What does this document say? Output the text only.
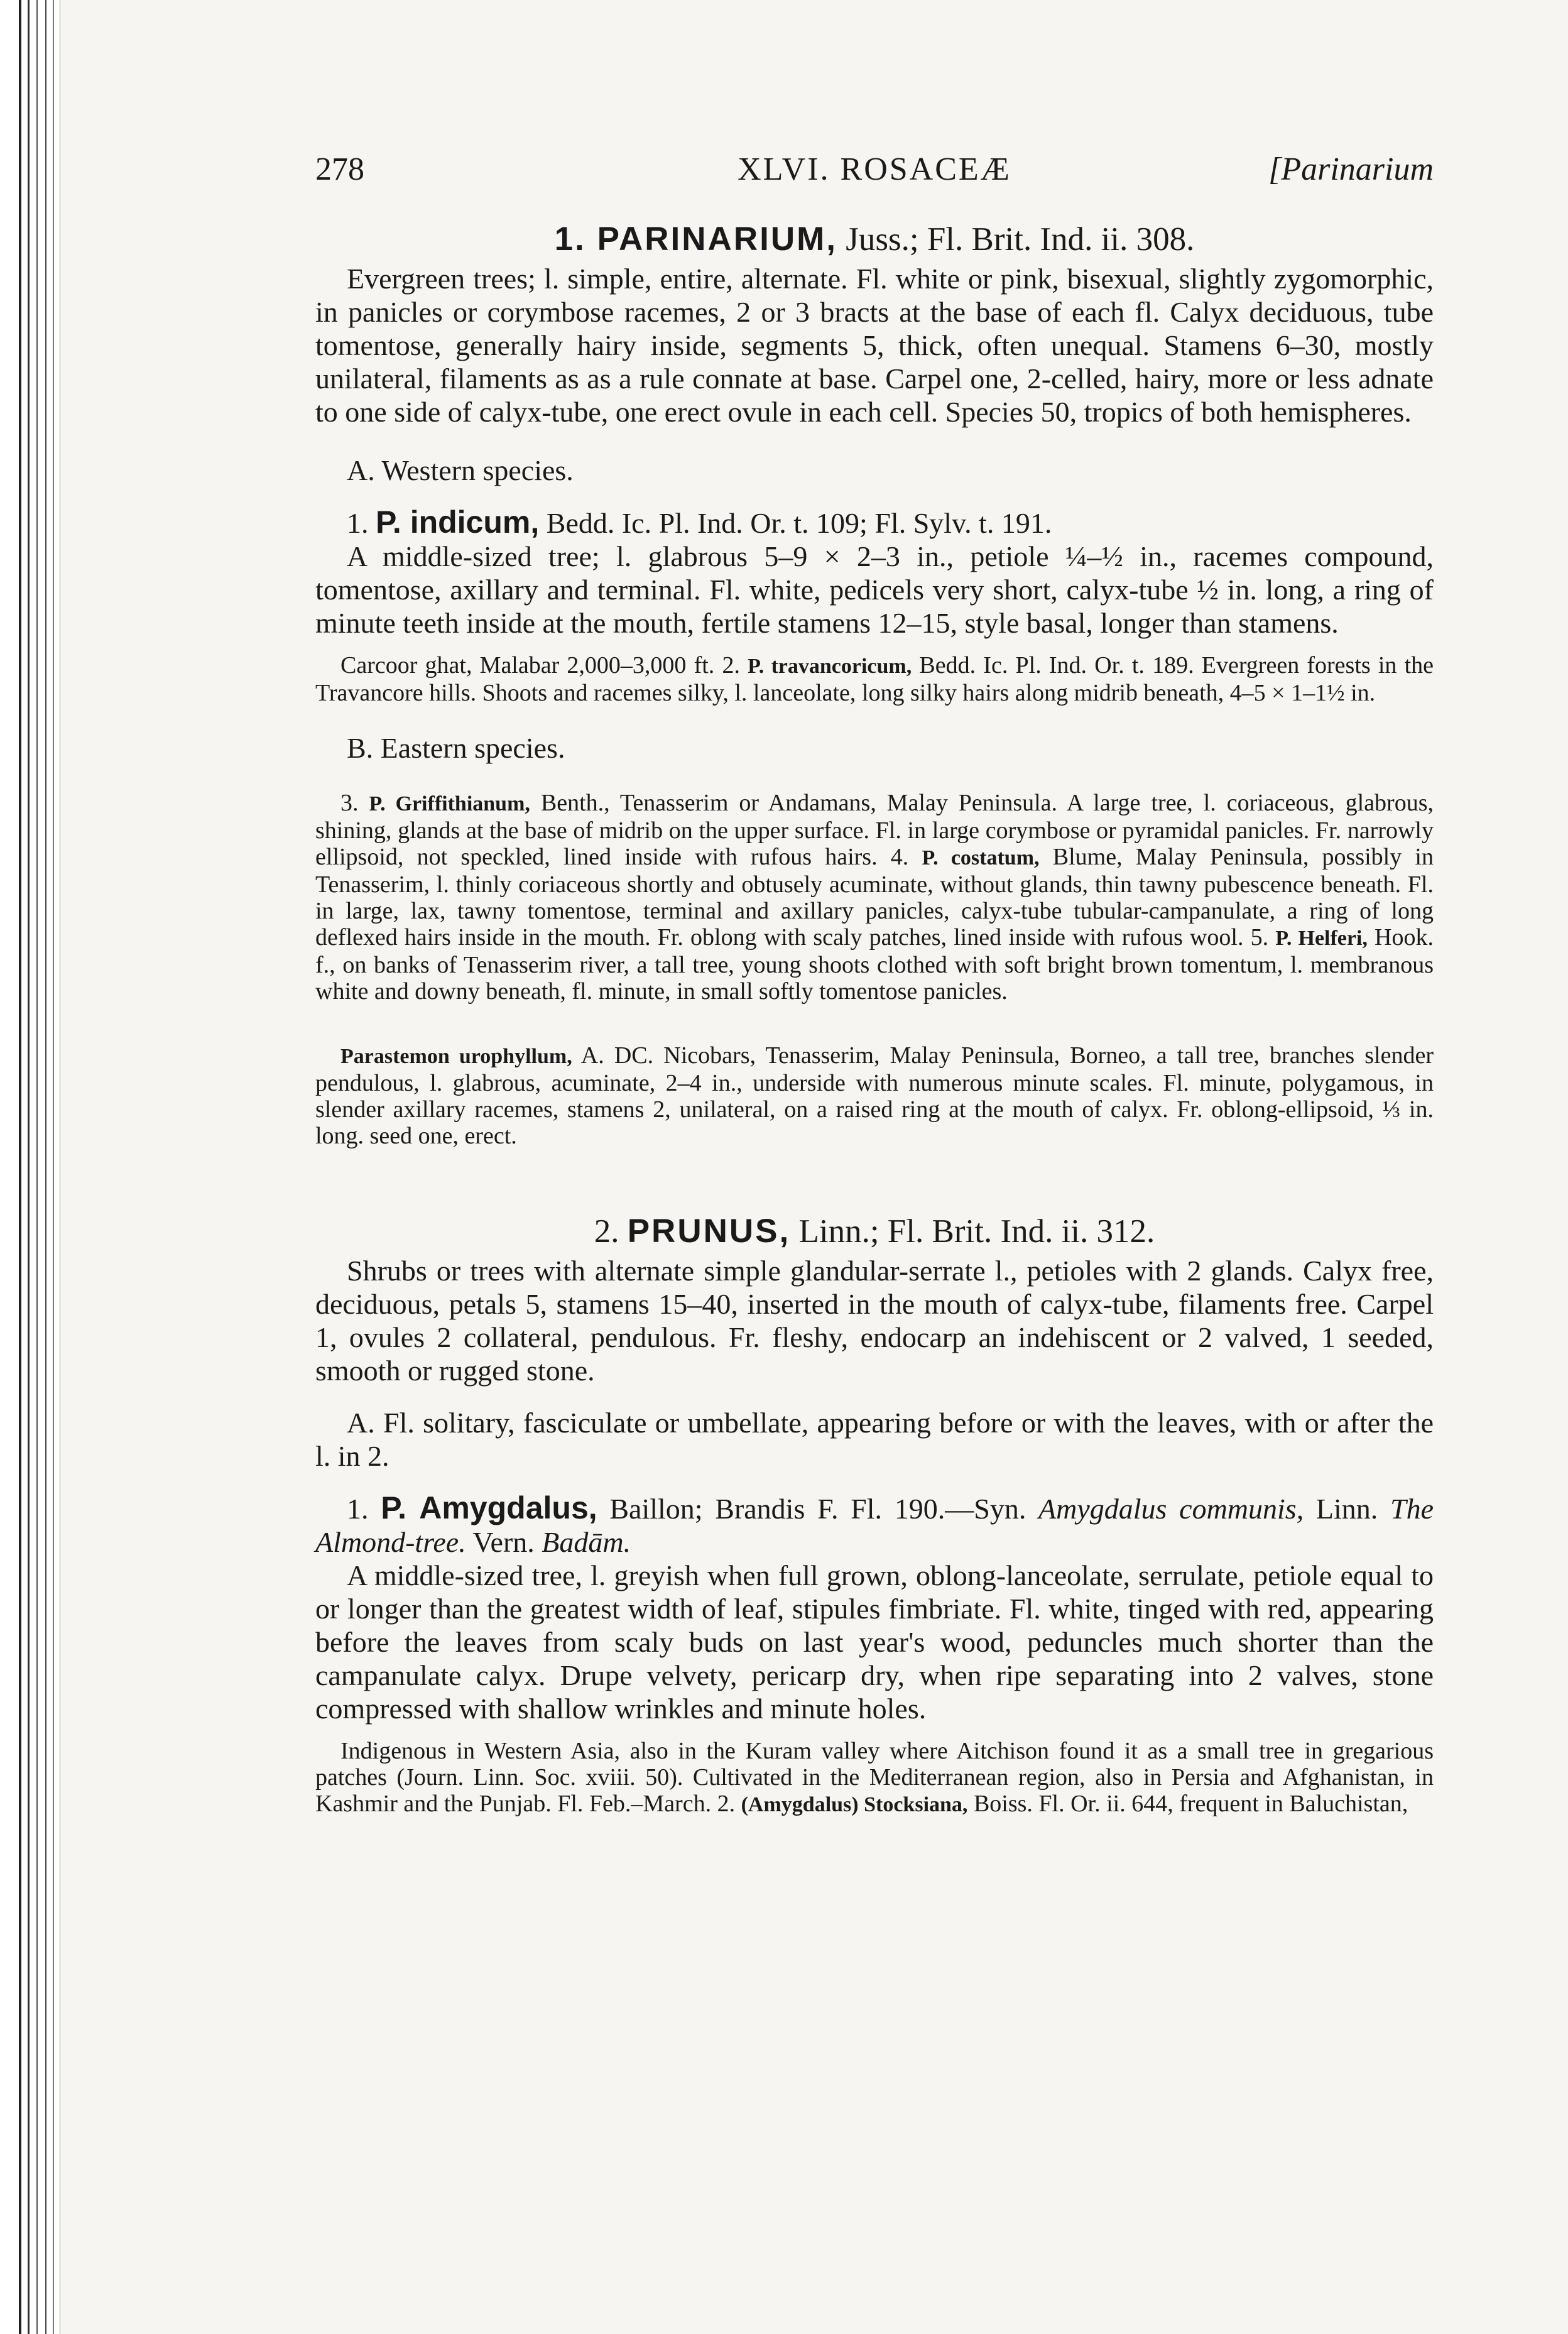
278	XLVI. ROSACEÆ	[Parinarium
1. PARINARIUM, Juss.; Fl. Brit. Ind. ii. 308.

Evergreen trees; l. simple, entire, alternate. Fl. white or pink, bisexual, slightly zygomorphic, in panicles or corymbose racemes, 2 or 3 bracts at the base of each fl. Calyx deciduous, tube tomentose, generally hairy inside, segments 5, thick, often unequal. Stamens 6–30, mostly unilateral, filaments as as a rule connate at base. Carpel one, 2-celled, hairy, more or less adnate to one side of calyx-tube, one erect ovule in each cell. Species 50, tropics of both hemispheres.

A. Western species.

1. P. indicum, Bedd. Ic. Pl. Ind. Or. t. 109; Fl. Sylv. t. 191.

A middle-sized tree; l. glabrous 5–9 × 2–3 in., petiole ¼–½ in., racemes compound, tomentose, axillary and terminal. Fl. white, pedicels very short, calyx-tube ½ in. long, a ring of minute teeth inside at the mouth, fertile stamens 12–15, style basal, longer than stamens.

Carcoor ghat, Malabar 2,000–3,000 ft. 2. P. travancoricum, Bedd. Ic. Pl. Ind. Or. t. 189. Evergreen forests in the Travancore hills. Shoots and racemes silky, l. lanceolate, long silky hairs along midrib beneath, 4–5 × 1–1½ in.

B. Eastern species.

3. P. Griffithianum, Benth., Tenasserim or Andamans, Malay Peninsula. A large tree, l. coriaceous, glabrous, shining, glands at the base of midrib on the upper surface. Fl. in large corymbose or pyramidal panicles. Fr. narrowly ellipsoid, not speckled, lined inside with rufous hairs. 4. P. costatum, Blume, Malay Peninsula, possibly in Tenasserim, l. thinly coriaceous shortly and obtusely acuminate, without glands, thin tawny pubescence beneath. Fl. in large, lax, tawny tomentose, terminal and axillary panicles, calyx-tube tubular-campanulate, a ring of long deflexed hairs inside in the mouth. Fr. oblong with scaly patches, lined inside with rufous wool. 5. P. Helferi, Hook. f., on banks of Tenasserim river, a tall tree, young shoots clothed with soft bright brown tomentum, l. membranous white and downy beneath, fl. minute, in small softly tomentose panicles.

Parastemon urophyllum, A. DC. Nicobars, Tenasserim, Malay Peninsula, Borneo, a tall tree, branches slender pendulous, l. glabrous, acuminate, 2–4 in., underside with numerous minute scales. Fl. minute, polygamous, in slender axillary racemes, stamens 2, unilateral, on a raised ring at the mouth of calyx. Fr. oblong-ellipsoid, ⅓ in. long. seed one, erect.

2. PRUNUS, Linn.; Fl. Brit. Ind. ii. 312.

Shrubs or trees with alternate simple glandular-serrate l., petioles with 2 glands. Calyx free, deciduous, petals 5, stamens 15–40, inserted in the mouth of calyx-tube, filaments free. Carpel 1, ovules 2 collateral, pendulous. Fr. fleshy, endocarp an indehiscent or 2 valved, 1 seeded, smooth or rugged stone.

A. Fl. solitary, fasciculate or umbellate, appearing before or with the leaves, with or after the l. in 2.

1. P. Amygdalus, Baillon; Brandis F. Fl. 190.—Syn. Amygdalus communis, Linn. The Almond-tree. Vern. Badām.

A middle-sized tree, l. greyish when full grown, oblong-lanceolate, serrulate, petiole equal to or longer than the greatest width of leaf, stipules fimbriate. Fl. white, tinged with red, appearing before the leaves from scaly buds on last year's wood, peduncles much shorter than the campanulate calyx. Drupe velvety, pericarp dry, when ripe separating into 2 valves, stone compressed with shallow wrinkles and minute holes.

Indigenous in Western Asia, also in the Kuram valley where Aitchison found it as a small tree in gregarious patches (Journ. Linn. Soc. xviii. 50). Cultivated in the Mediterranean region, also in Persia and Afghanistan, in Kashmir and the Punjab. Fl. Feb.–March. 2. (Amygdalus) Stocksiana, Boiss. Fl. Or. ii. 644, frequent in Baluchistan,
